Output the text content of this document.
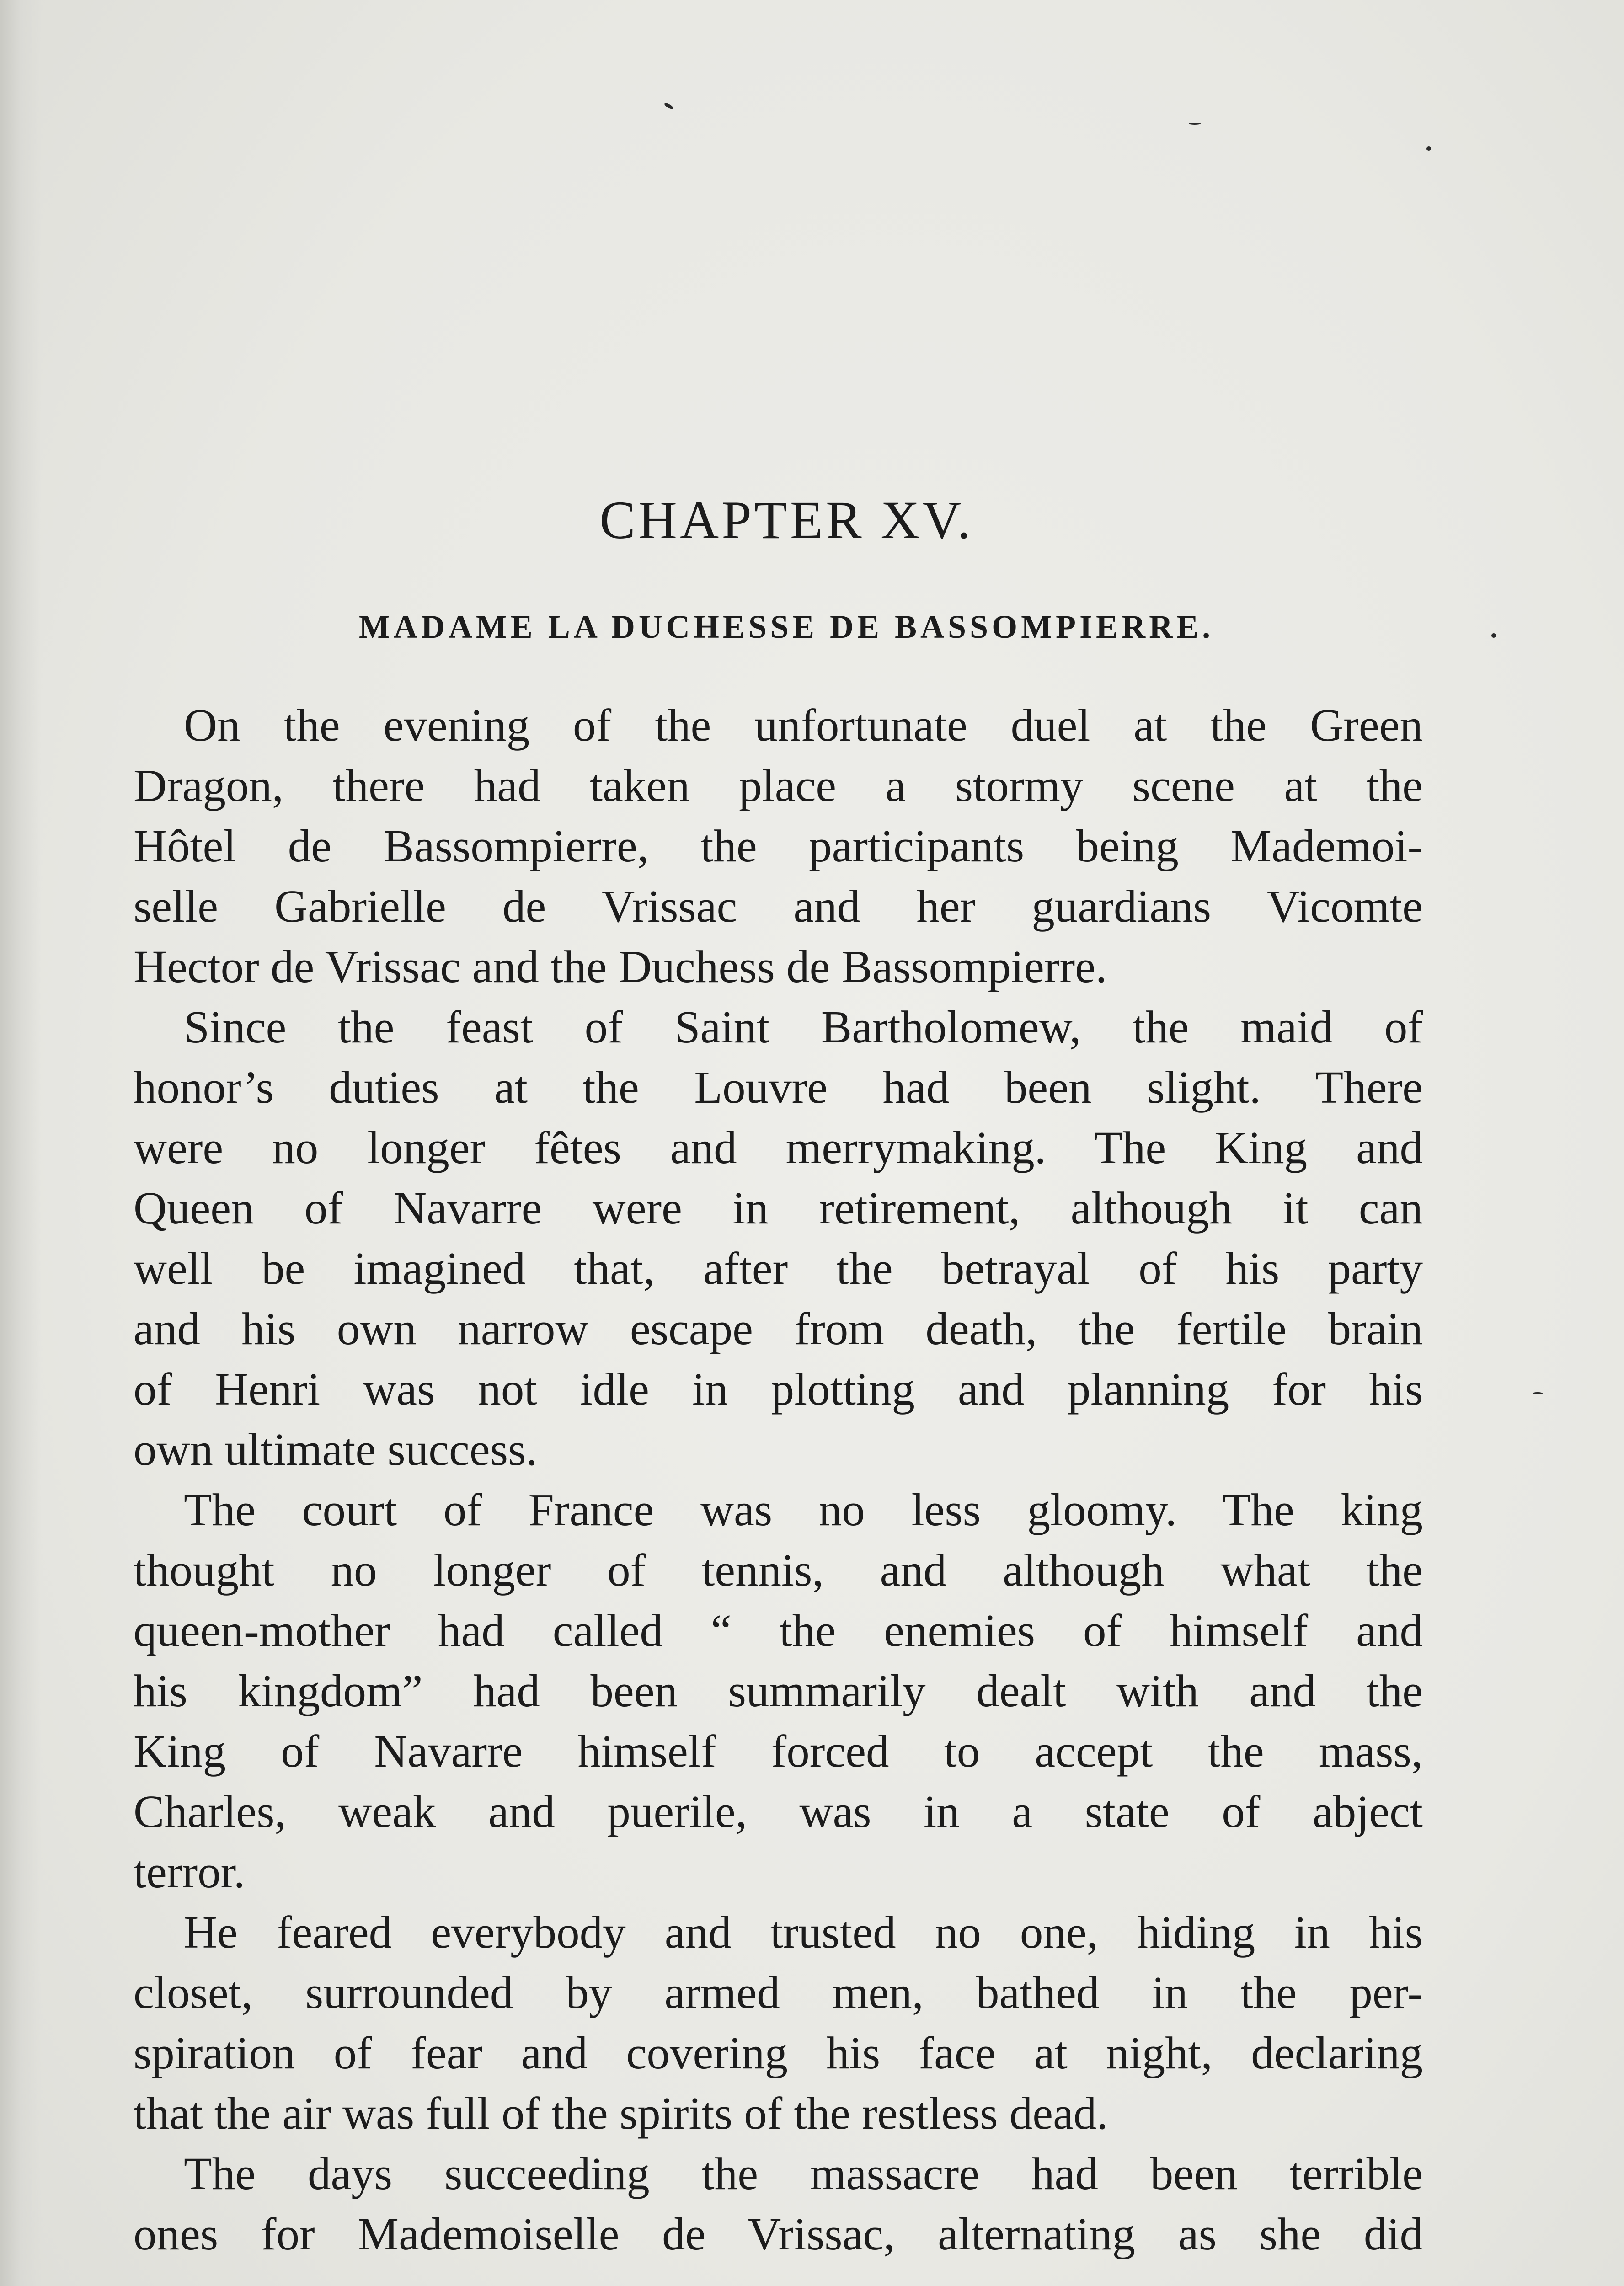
CHAPTER XV.
MADAME LA DUCHESSE DE BASSOMPIERRE.
On the evening of the unfortunate duel at the Green
Dragon, there had taken place a stormy scene at the
Hôtel de Bassompierre, the participants being Mademoi-
selle Gabrielle de Vrissac and her guardians Vicomte
Hector de Vrissac and the Duchess de Bassompierre.
Since the feast of Saint Bartholomew, the maid of
honor’s duties at the Louvre had been slight. There
were no longer fêtes and merrymaking. The King and
Queen of Navarre were in retirement, although it can
well be imagined that, after the betrayal of his party
and his own narrow escape from death, the fertile brain
of Henri was not idle in plotting and planning for his
own ultimate success.
The court of France was no less gloomy. The king
thought no longer of tennis, and although what the
queen-mother had called “ the enemies of himself and
his kingdom” had been summarily dealt with and the
King of Navarre himself forced to accept the mass,
Charles, weak and puerile, was in a state of abject
terror.
He feared everybody and trusted no one, hiding in his
closet, surrounded by armed men, bathed in the per-
spiration of fear and covering his face at night, declaring
that the air was full of the spirits of the restless dead.
The days succeeding the massacre had been terrible
ones for Mademoiselle de Vrissac, alternating as she did
